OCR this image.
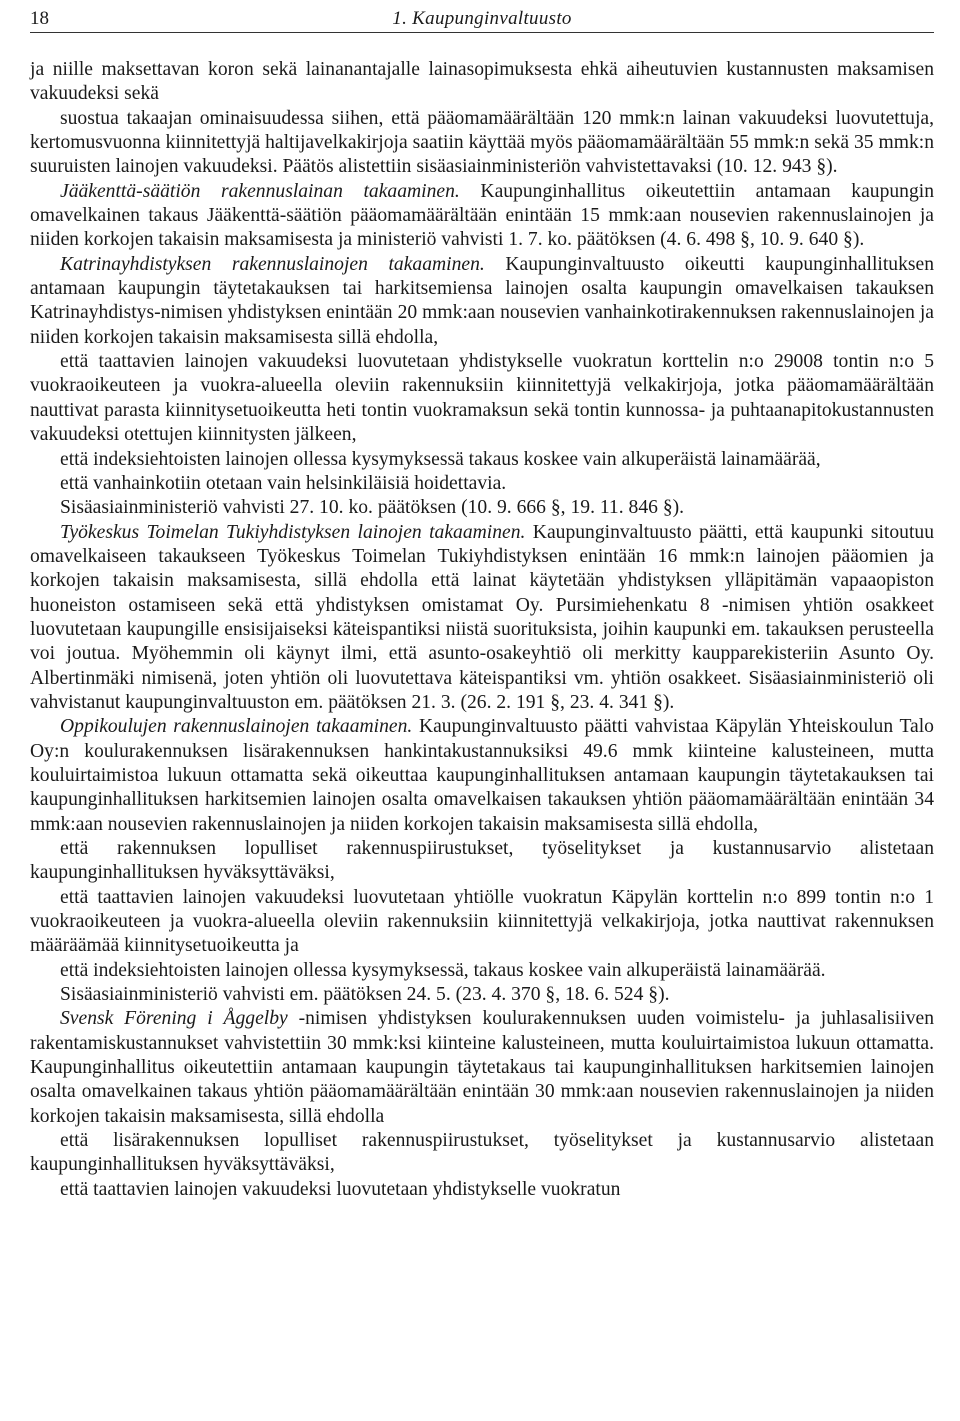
18	1. Kaupunginvaltuusto

ja niille maksettavan koron sekä lainanantajalle lainasopimuksesta ehkä aiheutuvien kustannusten maksamisen vakuudeksi sekä

suostua takaajan ominaisuudessa siihen, että pääomamäärältään 120 mmk:n lainan vakuudeksi luovutettuja, kertomusvuonna kiinnitettyjä haltijavelkakirjoja saatiin käyttää myös pääomamäärältään 55 mmk:n sekä 35 mmk:n suuruisten lainojen vakuudeksi. Päätös alistettiin sisäasiainministeriön vahvistettavaksi (10. 12. 943 §).

Jääkenttä-säätiön rakennuslainan takaaminen. Kaupunginhallitus oikeutettiin antamaan kaupungin omavelkainen takaus Jääkenttä-säätiön pääomamäärältään enintään 15 mmk:aan nousevien rakennuslainojen ja niiden korkojen takaisin maksamisesta ja ministeriö vahvisti 1. 7. ko. päätöksen (4. 6. 498 §, 10. 9. 640 §).

Katrinayhdistyksen rakennuslainojen takaaminen. Kaupunginvaltuusto oikeutti kaupunginhallituksen antamaan kaupungin täytetakauksen tai harkitsemiensa lainojen osalta kaupungin omavelkaisen takauksen Katrinayhdistys-nimisen yhdistyksen enintään 20 mmk:aan nousevien vanhainkotirakennuksen rakennuslainojen ja niiden korkojen takaisin maksamisesta sillä ehdolla,

että taattavien lainojen vakuudeksi luovutetaan yhdistykselle vuokratun korttelin n:o 29008 tontin n:o 5 vuokraoikeuteen ja vuokra-alueella oleviin rakennuksiin kiinnitettyjä velkakirjoja, jotka pääomamäärältään nauttivat parasta kiinnitysetuoikeutta heti tontin vuokramaksun sekä tontin kunnossa- ja puhtaanapitokustannusten vakuudeksi otettujen kiinnitysten jälkeen,

että indeksiehtoisten lainojen ollessa kysymyksessä takaus koskee vain alkuperäistä lainamäärää,

että vanhainkotiin otetaan vain helsinkiläisiä hoidettavia.

Sisäasiainministeriö vahvisti 27. 10. ko. päätöksen (10. 9. 666 §, 19. 11. 846 §).

Työkeskus Toimelan Tukiyhdistyksen lainojen takaaminen. Kaupunginvaltuusto päätti, että kaupunki sitoutuu omavelkaiseen takaukseen Työkeskus Toimelan Tukiyhdistyksen enintään 16 mmk:n lainojen pääomien ja korkojen takaisin maksamisesta, sillä ehdolla että lainat käytetään yhdistyksen ylläpitämän vapaaopiston huoneiston ostamiseen sekä että yhdistyksen omistamat Oy. Pursimiehenkatu 8 -nimisen yhtiön osakkeet luovutetaan kaupungille ensisijaiseksi käteispantiksi niistä suorituksista, joihin kaupunki em. takauksen perusteella voi joutua. Myöhemmin oli käynyt ilmi, että asunto-osakeyhtiö oli merkitty kaupparekisteriin Asunto Oy. Albertinmäki nimisenä, joten yhtiön oli luovutettava käteispantiksi vm. yhtiön osakkeet. Sisäasiainministeriö oli vahvistanut kaupunginvaltuuston em. päätöksen 21. 3. (26. 2. 191 §, 23. 4. 341 §).

Oppikoulujen rakennuslainojen takaaminen. Kaupunginvaltuusto päätti vahvistaa Käpylän Yhteiskoulun Talo Oy:n koulurakennuksen lisärakennuksen hankintakustannuksiksi 49.6 mmk kiinteine kalusteineen, mutta kouluirtaimistoa lukuun ottamatta sekä oikeuttaa kaupunginhallituksen antamaan kaupungin täytetakauksen tai kaupunginhallituksen harkitsemien lainojen osalta omavelkaisen takauksen yhtiön pääomamäärältään enintään 34 mmk:aan nousevien rakennuslainojen ja niiden korkojen takaisin maksamisesta sillä ehdolla,

että rakennuksen lopulliset rakennuspiirustukset, työselitykset ja kustannusarvio alistetaan kaupunginhallituksen hyväksyttäväksi,

että taattavien lainojen vakuudeksi luovutetaan yhtiölle vuokratun Käpylän korttelin n:o 899 tontin n:o 1 vuokraoikeuteen ja vuokra-alueella oleviin rakennuksiin kiinnitettyjä velkakirjoja, jotka nauttivat rakennuksen määräämää kiinnitysetuoikeutta ja

että indeksiehtoisten lainojen ollessa kysymyksessä, takaus koskee vain alkuperäistä lainamäärää.

Sisäasiainministeriö vahvisti em. päätöksen 24. 5. (23. 4. 370 §, 18. 6. 524 §).

Svensk Förening i Åggelby -nimisen yhdistyksen koulurakennuksen uuden voimistelu- ja juhlasalisiiven rakentamiskustannukset vahvistettiin 30 mmk:ksi kiinteine kalusteineen, mutta kouluirtaimistoa lukuun ottamatta. Kaupunginhallitus oikeutettiin antamaan kaupungin täytetakaus tai kaupunginhallituksen harkitsemien lainojen osalta omavelkainen takaus yhtiön pääomamäärältään enintään 30 mmk:aan nousevien rakennuslainojen ja niiden korkojen takaisin maksamisesta, sillä ehdolla

että lisärakennuksen lopulliset rakennuspiirustukset, työselitykset ja kustannusarvio alistetaan kaupunginhallituksen hyväksyttäväksi,

että taattavien lainojen vakuudeksi luovutetaan yhdistykselle vuokratun
